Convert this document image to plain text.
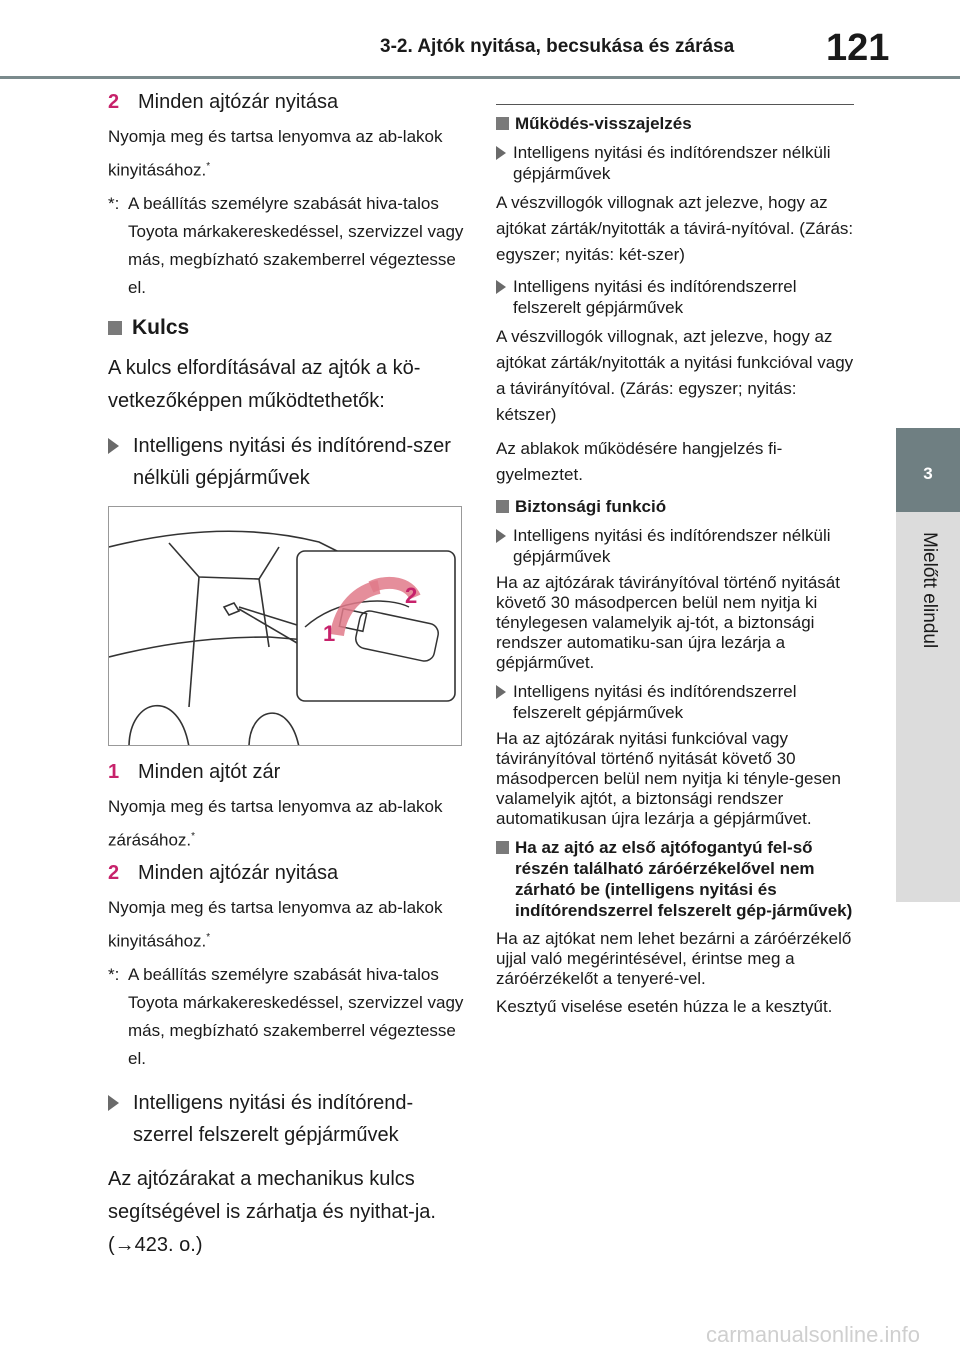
3-2. Ajtók nyitása, becsukása és zárása 121
3
Mielőtt elindul
2 Minden ajtózár nyitása
Nyomja meg és tartsa lenyomva az ab-lakok kinyitásához.*
*: A beállítás személyre szabását hiva-talos Toyota márkakereskedéssel, szervizzel vagy más, megbízható szakemberrel végeztesse el.
Kulcs
A kulcs elfordításával az ajtók a kö-vetkezőképpen működtethetők:
Intelligens nyitási és indítórend-szer nélküli gépjárművek
1
2
1 Minden ajtót zár
Nyomja meg és tartsa lenyomva az ab-lakok zárásához.*
2 Minden ajtózár nyitása
Nyomja meg és tartsa lenyomva az ab-lakok kinyitásához.*
*: A beállítás személyre szabását hiva-talos Toyota márkakereskedéssel, szervizzel vagy más, megbízható szakemberrel végeztesse el.
Intelligens nyitási és indítórend-szerrel felszerelt gépjárművek
Az ajtózárakat a mechanikus kulcs segítségével is zárhatja és nyithat-ja. (→423. o.)
Működés-visszajelzés
Intelligens nyitási és indítórendszer nélküli gépjárművek
A vészvillogók villognak azt jelezve, hogy az ajtókat zárták/nyitották a távirá-nyítóval. (Zárás: egyszer; nyitás: két-szer)
Intelligens nyitási és indítórendszerrel felszerelt gépjárművek
A vészvillogók villognak, azt jelezve, hogy az ajtókat zárták/nyitották a nyitási funkcióval vagy a távirányítóval. (Zárás: egyszer; nyitás: kétszer)
Az ablakok működésére hangjelzés fi-gyelmeztet.
Biztonsági funkció
Intelligens nyitási és indítórendszer nélküli gépjárművek
Ha az ajtózárak távirányítóval történő nyitását követő 30 másodpercen belül nem nyitja ki ténylegesen valamelyik aj-tót, a biztonsági rendszer automatiku-san újra lezárja a gépjárművet.
Intelligens nyitási és indítórendszerrel felszerelt gépjárművek
Ha az ajtózárak nyitási funkcióval vagy távirányítóval történő nyitását követő 30 másodpercen belül nem nyitja ki tényle-gesen valamelyik ajtót, a biztonsági rendszer automatikusan újra lezárja a gépjárművet.
Ha az ajtó az első ajtófogantyú fel-ső részén található záróérzékelővel nem zárható be (intelligens nyitási és indítórendszerrel felszerelt gép-járművek)
Ha az ajtókat nem lehet bezárni a záróérzékelő ujjal való megérintésével, érintse meg a záróérzékelőt a tenyeré-vel.
Kesztyű viselése esetén húzza le a kesztyűt.
carmanualsonline.info
